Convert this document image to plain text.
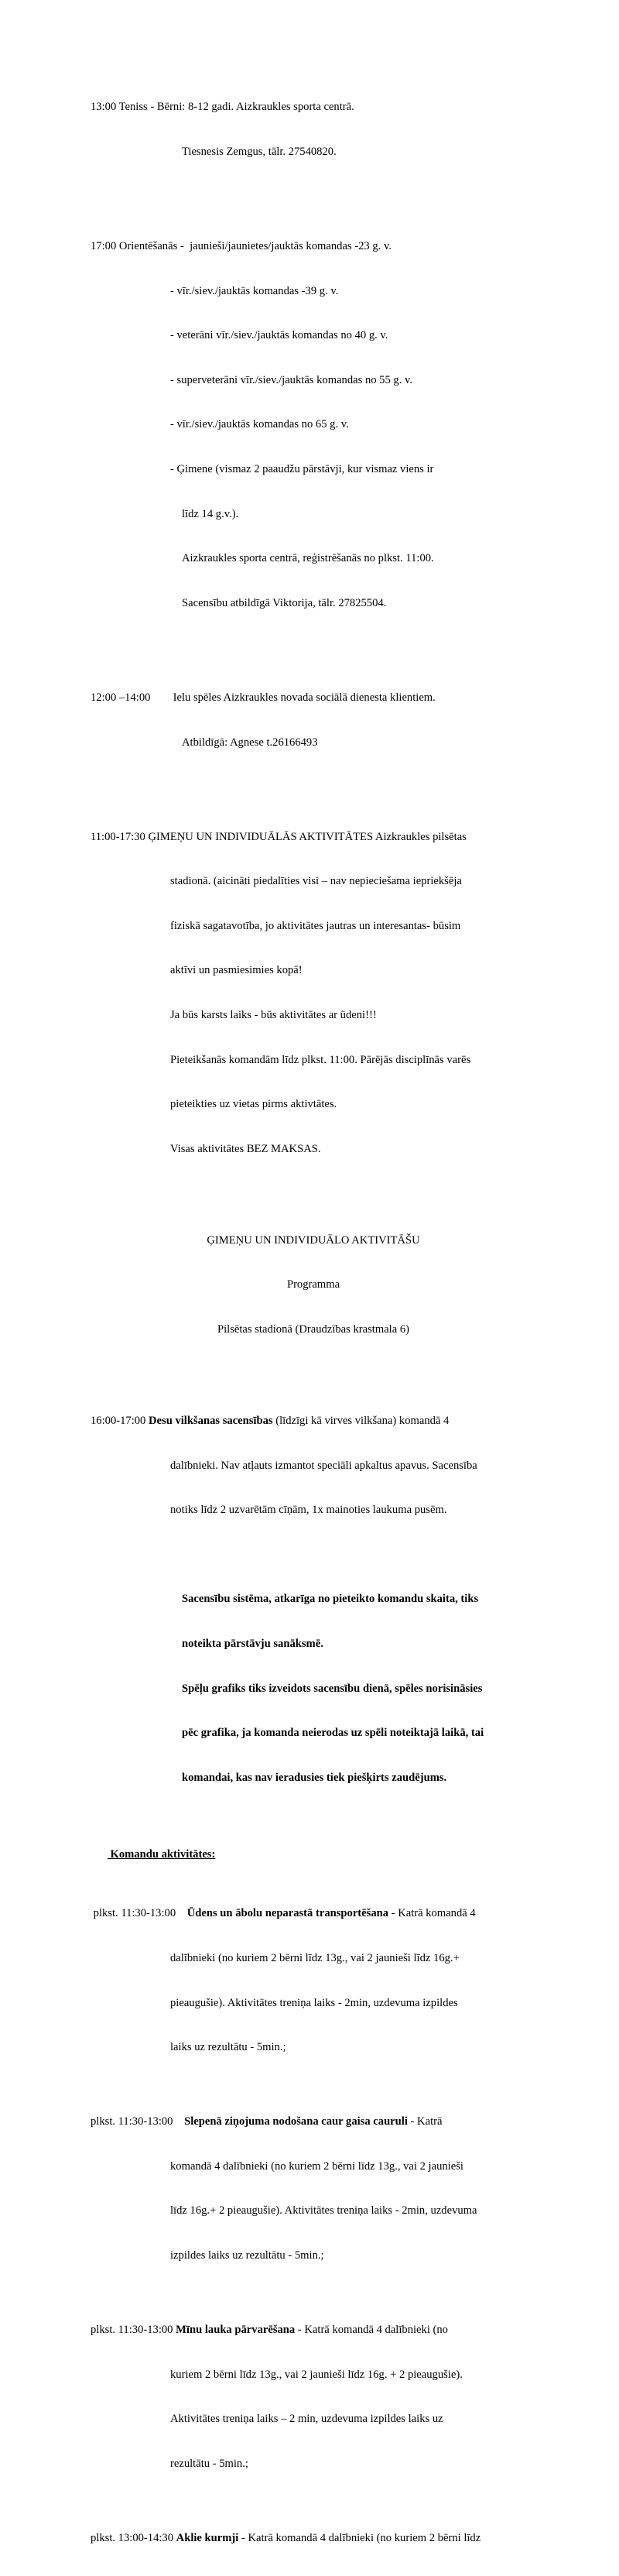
13:00 Teniss - Bērni: 8-12 gadi. Aizkraukles sporta centrā.

Tiesnesis Zemgus, tālr. 27540820.

17:00 Orientēšanās -  jaunieši/jaunietes/jauktās komandas -23 g. v.

- vīr./siev./jauktās komandas -39 g. v.

- veterāni vīr./siev./jauktās komandas no 40 g. v.

- superveterāni vīr./siev./jauktās komandas no 55 g. v.

- vīr./siev./jauktās komandas no 65 g. v.

- Ģimene (vismaz 2 paaudžu pārstāvji, kur vismaz viens ir

līdz 14 g.v.).

Aizkraukles sporta centrā, reģistrēšanās no plkst. 11:00.

Sacensību atbildīgā Viktorija, tālr. 27825504.

12:00 –14:00        Ielu spēles Aizkraukles novada sociālā dienesta klientiem.

Atbildīgā: Agnese t.26166493

11:00-17:30 ĢIMEŅU UN INDIVIDUĀLĀS AKTIVITĀTES Aizkraukles pilsētas

stadionā. (aicināti piedalīties visi – nav nepieciešama iepriekšēja

fiziskā sagatavotība, jo aktivitātes jautras un interesantas- būsim

aktīvi un pasmiesimies kopā!

Ja būs karsts laiks - būs aktivitātes ar ūdeni!!!

Pieteikšanās komandām līdz plkst. 11:00. Pārējās disciplīnās varēs

pieteikties uz vietas pirms aktivtātes.

Visas aktivitātes BEZ MAKSAS.

ĢIMEŅU UN INDIVIDUĀLO AKTIVITĀŠU

Programma

Pilsētas stadionā (Draudzības krastmala 6)

16:00-17:00 Desu vilkšanas sacensības (līdzīgi kā virves vilkšana) komandā 4

dalībnieki. Nav atļauts izmantot speciāli apkaltus apavus. Sacensība

notiks līdz 2 uzvarētām cīņām, 1x mainoties laukuma pusēm.

Sacensību sistēma, atkarīga no pieteikto komandu skaita, tiks

noteikta pārstāvju sanāksmē.

Spēļu grafiks tiks izveidots sacensību dienā, spēles norisināsies

pēc grafika, ja komanda neierodas uz spēli noteiktajā laikā, tai

komandai, kas nav ieradusies tiek piešķirts zaudējums.

Komandu aktivitātes:

plkst. 11:30-13:00    Ūdens un ābolu neparastā transportēšana - Katrā komandā 4

dalībnieki (no kuriem 2 bērni līdz 13g., vai 2 jaunieši līdz 16g.+

pieaugušie). Aktivitātes treniņa laiks - 2min, uzdevuma izpildes

laiks uz rezultātu - 5min.;

plkst. 11:30-13:00    Slepenā ziņojuma nodošana caur gaisa cauruli - Katrā

komandā 4 dalībnieki (no kuriem 2 bērni līdz 13g., vai 2 jaunieši

līdz 16g.+ 2 pieaugušie). Aktivitātes treniņa laiks - 2min, uzdevuma

izpildes laiks uz rezultātu - 5min.;

plkst. 11:30-13:00 Mīnu lauka pārvarēšana - Katrā komandā 4 dalībnieki (no

kuriem 2 bērni līdz 13g., vai 2 jaunieši līdz 16g. + 2 pieaugušie).

Aktivitātes treniņa laiks – 2 min, uzdevuma izpildes laiks uz

rezultātu - 5min.;

plkst. 13:00-14:30 Aklie kurmji - Katrā komandā 4 dalībnieki (no kuriem 2 bērni līdz
